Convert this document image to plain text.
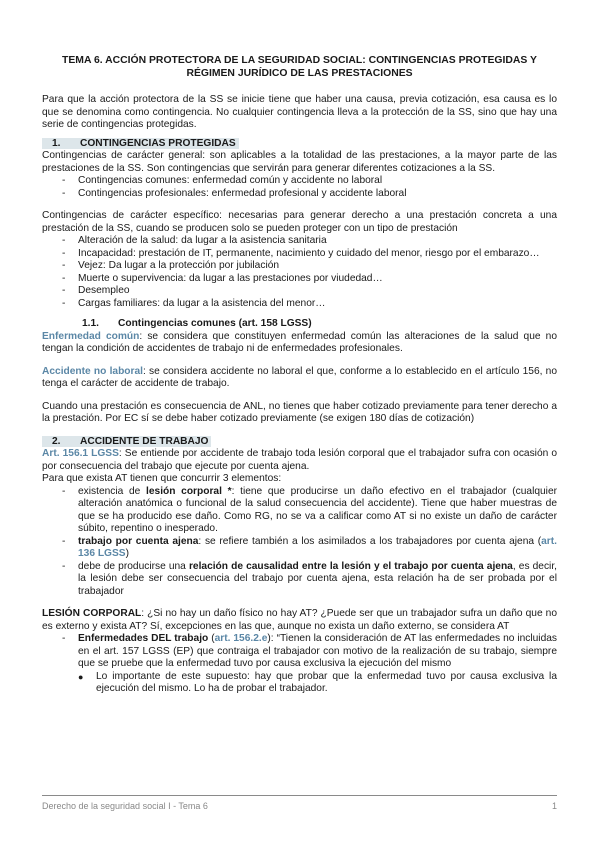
TEMA 6. ACCIÓN PROTECTORA DE LA SEGURIDAD SOCIAL: CONTINGENCIAS PROTEGIDAS Y RÉGIMEN JURÍDICO DE LAS PRESTACIONES

Para que la acción protectora de la SS se inicie tiene que haber una causa, previa cotización, esa causa es lo que se denomina como contingencia. No cualquier contingencia lleva a la protección de la SS, sino que hay una serie de contingencias protegidas.

1. CONTINGENCIAS PROTEGIDAS

Contingencias de carácter general: son aplicables a la totalidad de las prestaciones, a la mayor parte de las prestaciones de la SS. Son contingencias que servirán para generar diferentes cotizaciones a la SS.

- Contingencias comunes: enfermedad común y accidente no laboral
- Contingencias profesionales: enfermedad profesional y accidente laboral

Contingencias de carácter específico: necesarias para generar derecho a una prestación concreta a una prestación de la SS, cuando se producen solo se pueden proteger con un tipo de prestación

- Alteración de la salud: da lugar a la asistencia sanitaria
- Incapacidad: prestación de IT, permanente, nacimiento y cuidado del menor, riesgo por el embarazo…
- Vejez: Da lugar a la protección por jubilación
- Muerte o supervivencia: da lugar a las prestaciones por viudedad…
- Desempleo
- Cargas familiares: da lugar a la asistencia del menor…
1.1. Contingencias comunes (art. 158 LGSS)

Enfermedad común: se considera que constituyen enfermedad común las alteraciones de la salud que no tengan la condición de accidentes de trabajo ni de enfermedades profesionales.

Accidente no laboral: se considera accidente no laboral el que, conforme a lo establecido en el artículo 156, no tenga el carácter de accidente de trabajo.

Cuando una prestación es consecuencia de ANL, no tienes que haber cotizado previamente para tener derecho a la prestación. Por EC sí se debe haber cotizado previamente (se exigen 180 días de cotización)

2. ACCIDENTE DE TRABAJO

Art. 156.1 LGSS: Se entiende por accidente de trabajo toda lesión corporal que el trabajador sufra con ocasión o por consecuencia del trabajo que ejecute por cuenta ajena.

Para que exista AT tienen que concurrir 3 elementos:

- existencia de lesión corporal *: tiene que producirse un daño efectivo en el trabajador (cualquier alteración anatómica o funcional de la salud consecuencia del accidente). Tiene que haber muestras de que se ha producido ese daño. Como RG, no se va a calificar como AT si no existe un daño de carácter súbito, repentino o inesperado.
- trabajo por cuenta ajena: se refiere también a los asimilados a los trabajadores por cuenta ajena (art. 136 LGSS)
- debe de producirse una relación de causalidad entre la lesión y el trabajo por cuenta ajena, es decir, la lesión debe ser consecuencia del trabajo por cuenta ajena, esta relación ha de ser probada por el trabajador

LESIÓN CORPORAL: ¿Si no hay un daño físico no hay AT? ¿Puede ser que un trabajador sufra un daño que no es externo y exista AT? Sí, excepciones en las que, aunque no exista un daño externo, se considera AT

- Enfermedades DEL trabajo (art. 156.2.e): “Tienen la consideración de AT las enfermedades no incluidas en el art. 157 LGSS (EP) que contraiga el trabajador con motivo de la realización de su trabajo, siempre que se pruebe que la enfermedad tuvo por causa exclusiva la ejecución del mismo
● Lo importante de este supuesto: hay que probar que la enfermedad tuvo por causa exclusiva la ejecución del mismo. Lo ha de probar el trabajador.
Derecho de la seguridad social I - Tema 6	1
